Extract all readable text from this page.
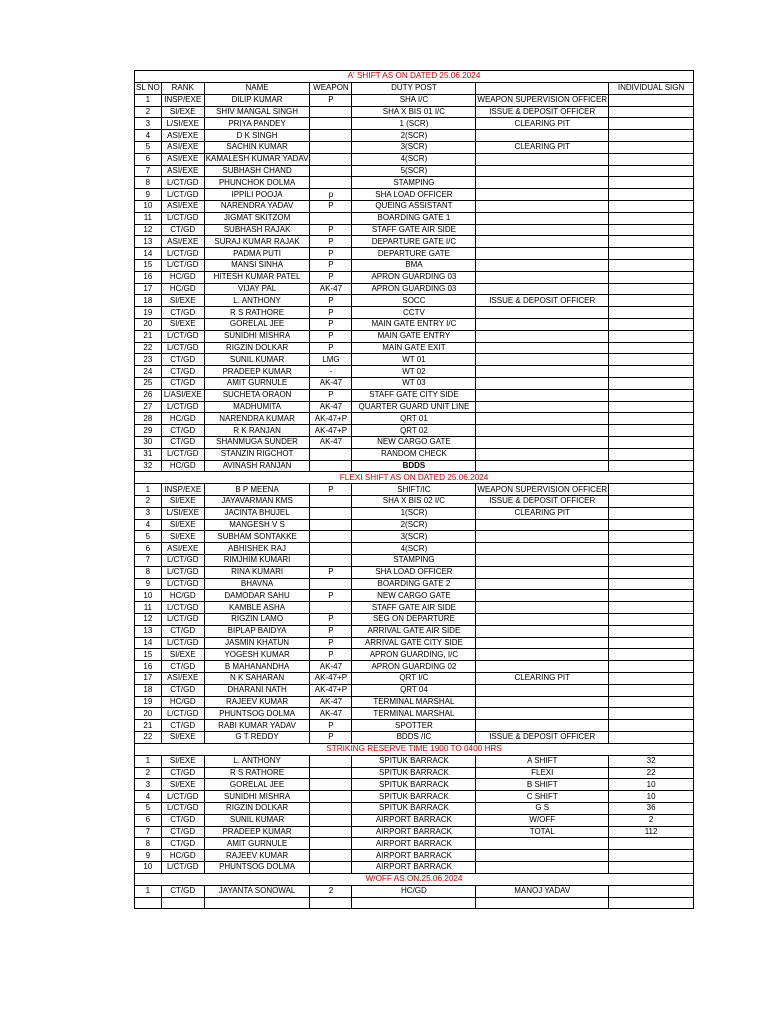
A' SHIFT AS ON DATED 25.06.2024						
SL NO	RANK	NAME	WEAPON	DUTY POST		INDIVIDUAL SIGN
1	INSP/EXE	DILIP KUMAR	P	SHA I/C	WEAPON SUPERVISION OFFICER	
2	SI/EXE	SHIV MANGAL SINGH		SHA X BIS 01 I/C	ISSUE & DEPOSIT OFFICER	
3	L/SI/EXE	PRIYA PANDEY		1 (SCR)	CLEARING PIT	
4	ASI/EXE	D K SINGH		2(SCR)		
5	ASI/EXE	SACHIN KUMAR		3(SCR)	CLEARING PIT	
6	ASI/EXE	KAMALESH KUMAR YADAV		4(SCR)		
7	ASI/EXE	SUBHASH CHAND		5(SCR)		
8	L/CT/GD	PHUNCHOK DOLMA		STAMPING		
9	L/CT/GD	IPPILI POOJA	p	SHA LOAD OFFICER		
10	ASI/EXE	NARENDRA YADAV	P	QUEING ASSISTANT		
11	L/CT/GD	JIGMAT SKITZOM		BOARDING GATE 1		
12	CT/GD	SUBHASH RAJAK	P	STAFF GATE AIR SIDE		
13	ASI/EXE	SURAJ KUMAR RAJAK	P	DEPARTURE GATE I/C		
14	L/CT/GD	PADMA PUTI	P	DEPARTURE GATE		
15	L/CT/GD	MANSI SINHA	P	BMA		
16	HC/GD	HITESH KUMAR PATEL	P	APRON GUARDING 03		
17	HC/GD	VIJAY PAL	AK-47	APRON GUARDING 03		
18	SI/EXE	L. ANTHONY	P	SOCC	ISSUE & DEPOSIT OFFICER	
19	CT/GD	R S RATHORE	P	CCTV		
20	SI/EXE	GORELAL JEE	P	MAIN GATE ENTRY I/C		
21	L/CT/GD	SUNIDHI MISHRA	P	MAIN GATE ENTRY		
22	L/CT/GD	RIGZIN DOLKAR	P	MAIN GATE EXIT		
23	CT/GD	SUNIL KUMAR	LMG	WT 01		
24	CT/GD	PRADEEP KUMAR	-	WT 02		
25	CT/GD	AMIT GURNULE	AK-47	WT 03		
26	L/ASI/EXE	SUCHETA ORAON	P	STAFF GATE CITY SIDE		
27	L/CT/GD	MADHUMITA	AK-47	QUARTER GUARD UNIT LINE		
28	HC/GD	NARENDRA KUMAR	AK-47+P	QRT 01		
29	CT/GD	R K RANJAN	AK-47+P	QRT 02		
30	CT/GD	SHANMUGA SUNDER	AK-47	NEW CARGO GATE		
31	L/CT/GD	STANZIN RIGCHOT		RANDOM CHECK		
32	HC/GD	AVINASH RANJAN		BDDS		
FLEXI SHIFT AS ON DATED 25.06.2024						
1	INSP/EXE	B P MEENA	P	SHIFT/IC	WEAPON SUPERVISION OFFICER	
2	SI/EXE	JAYAVARMAN KMS		SHA X BIS 02 I/C	ISSUE & DEPOSIT OFFICER	
3	L/SI/EXE	JACINTA BHUJEL		1(SCR)	CLEARING PIT	
4	SI/EXE	MANGESH V S		2(SCR)		
5	SI/EXE	SUBHAM SONTAKKE		3(SCR)		
6	ASI/EXE	ABHISHEK RAJ		4(SCR)		
7	L/CT/GD	RIMJHIM KUMARI		STAMPING		
8	L/CT/GD	RINA KUMARI	P	SHA LOAD OFFICER		
9	L/CT/GD	BHAVNA		BOARDING GATE 2		
10	HC/GD	DAMODAR SAHU	P	NEW CARGO GATE		
11	L/CT/GD	KAMBLE ASHA		STAFF GATE AIR SIDE		
12	L/CT/GD	RIGZIN LAMO	P	SEG ON DEPARTURE		
13	CT/GD	BIPLAP BAIDYA	P	ARRIVAL GATE AIR SIDE		
14	L/CT/GD	JASMIN KHATUN	P	ARRIVAL GATE CITY SIDE		
15	SI/EXE	YOGESH KUMAR	P	APRON GUARDING, I/C		
16	CT/GD	B MAHANANDHA	AK-47	APRON GUARDING 02		
17	ASI/EXE	N K SAHARAN	AK-47+P	QRT I/C	CLEARING PIT	
18	CT/GD	DHARANI NATH	AK-47+P	QRT 04		
19	HC/GD	RAJEEV KUMAR	AK-47	TERMINAL MARSHAL		
20	L/CT/GD	PHUNTSOG DOLMA	AK-47	TERMINAL MARSHAL		
21	CT/GD	RABI KUMAR YADAV	P	SPOTTER		
22	SI/EXE	G T REDDY	P	BDDS /IC	ISSUE & DEPOSIT OFFICER	
STRIKING RESERVE TIME 1900 TO 0400 HRS						
1	SI/EXE	L. ANTHONY		SPITUK BARRACK	A SHIFT	32
2	CT/GD	R S RATHORE		SPITUK BARRACK	FLEXI	22
3	SI/EXE	GORELAL JEE		SPITUK BARRACK	B SHIFT	10
4	L/CT/GD	SUNIDHI MISHRA		SPITUK BARRACK	C SHIFT	10
5	L/CT/GD	RIGZIN DOLKAR		SPITUK BARRACK	G S	36
6	CT/GD	SUNIL KUMAR		AIRPORT BARRACK	W/OFF	2
7	CT/GD	PRADEEP KUMAR		AIRPORT BARRACK	TOTAL	112
8	CT/GD	AMIT GURNULE		AIRPORT BARRACK		
9	HC/GD	RAJEEV KUMAR		AIRPORT BARRACK		
10	L/CT/GD	PHUNTSOG DOLMA		AIRPORT BARRACK		
W/OFF AS ON.25.06.2024						
1	CT/GD	JAYANTA SONOWAL	2	HC/GD	MANOJ YADAV	
